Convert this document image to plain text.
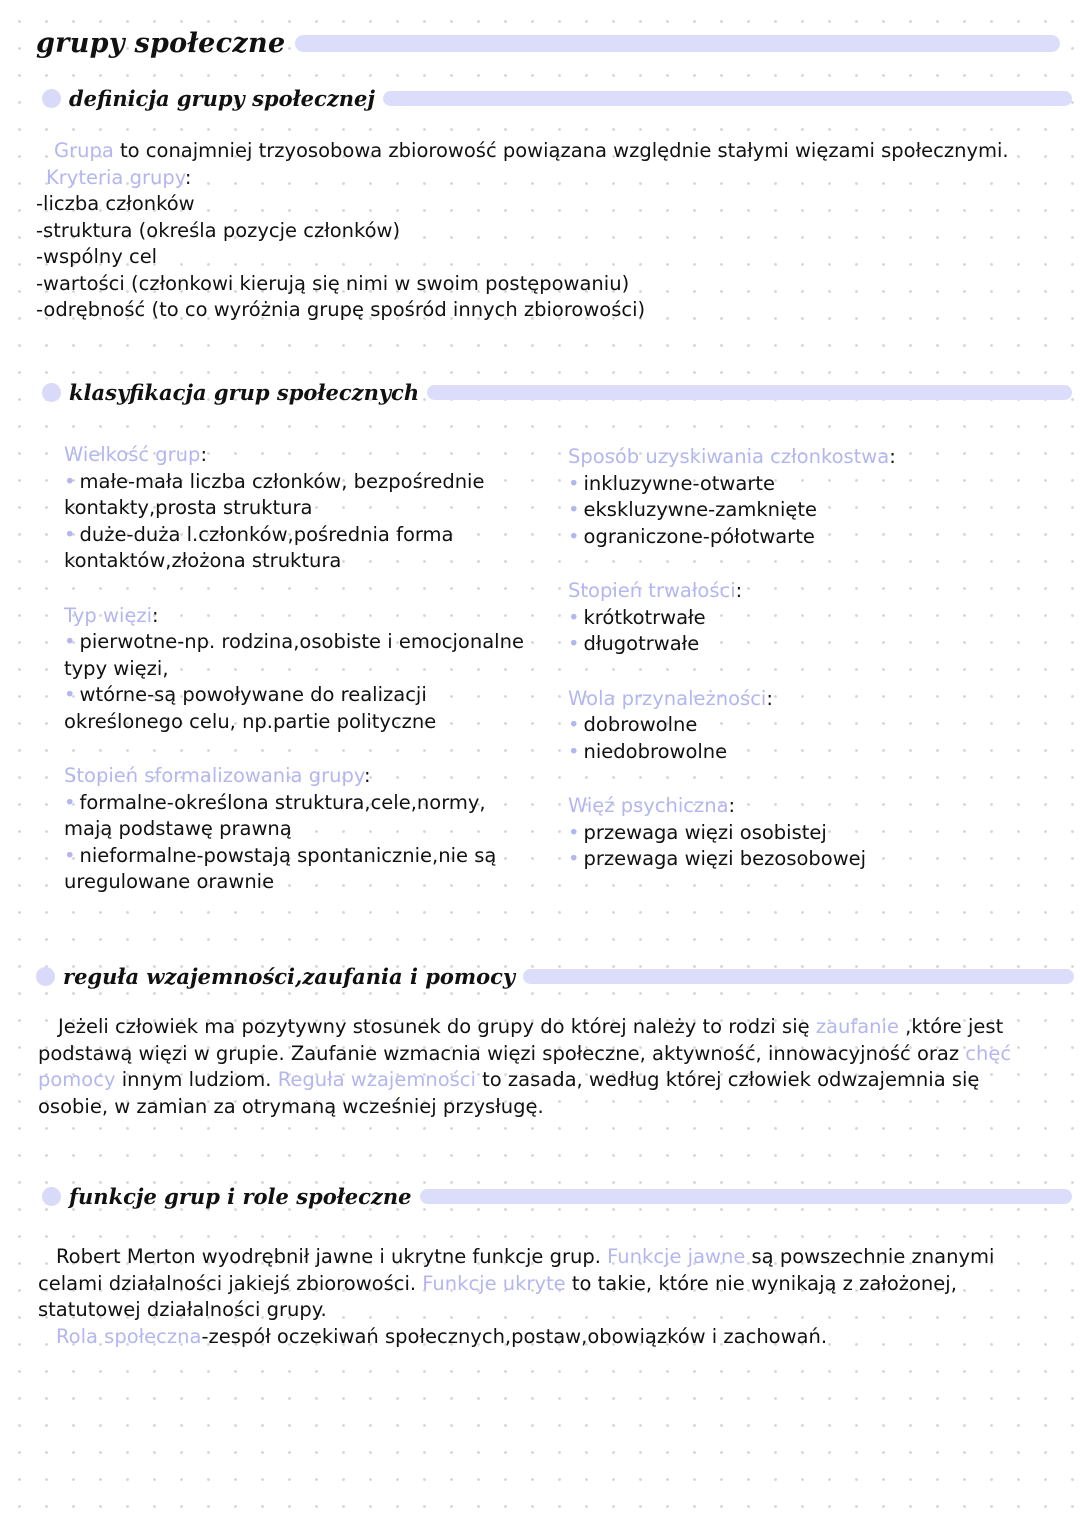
grupy społeczne
definicja grupy społecznej

Grupa to conajmniej trzyosobowa zbiorowość powiązana względnie stałymi więzami społecznymi.

Kryteria grupy:

-liczba członków

-struktura (określa pozycje członków)

-wspólny cel

-wartości (członkowi kierują się nimi w swoim postępowaniu)

-odrębność (to co wyróżnia grupę spośród innych zbiorowości)

klasyfikacja grup społecznych

Wielkość grup:

• małe-mała liczba członków, bezpośrednie kontakty,prosta struktura

• duże-duża l.członków,pośrednia forma kontaktów,złożona struktura

Typ więzi:

• pierwotne-np. rodzina,osobiste i emocjonalne typy więzi,

• wtórne-są powoływane do realizacji określonego celu, np.partie polityczne

Stopień sformalizowania grupy:

• formalne-określona struktura,cele,normy, mają podstawę prawną

• nieformalne-powstają spontanicznie,nie są uregulowane orawnie

Sposób uzyskiwania członkostwa:

• inkluzywne-otwarte

• ekskluzywne-zamknięte

• ograniczone-półotwarte

Stopień trwałości:

• krótkotrwałe

• długotrwałe

Wola przynależności:

• dobrowolne

• niedobrowolne

Więź psychiczna:

• przewaga więzi osobistej

• przewaga więzi bezosobowej

reguła wzajemności,zaufania i pomocy

Jeżeli człowiek ma pozytywny stosunek do grupy do której należy to rodzi się zaufanie ,które jest podstawą więzi w grupie. Zaufanie wzmacnia więzi społeczne, aktywność, innowacyjność oraz chęć pomocy innym ludziom. Reguła wzajemności to zasada, według której człowiek odwzajemnia się osobie, w zamian za otrymaną wcześniej przysługę.

funkcje grup i role społeczne

Robert Merton wyodrębnił jawne i ukrytne funkcje grup. Funkcje jawne są powszechnie znanymi celami działalności jakiejś zbiorowości. Funkcje ukryte to takie, które nie wynikają z założonej, statutowej działalności grupy.

Rola społeczna-zespół oczekiwań społecznych,postaw,obowiązków i zachowań.
